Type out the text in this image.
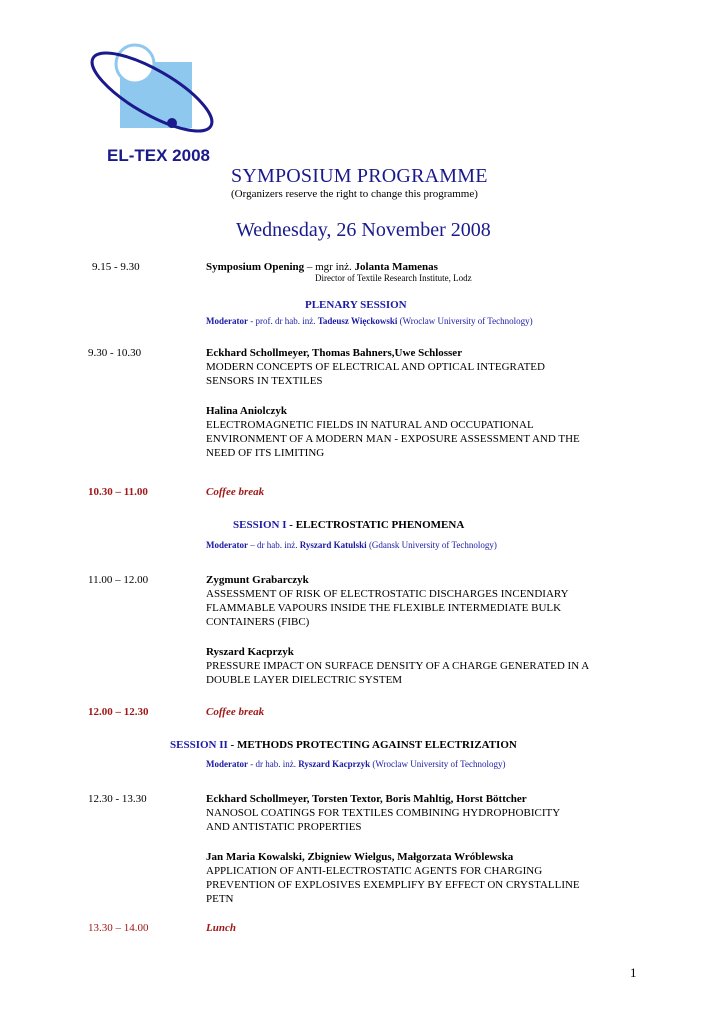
EL-TEX 2008
SYMPOSIUM PROGRAMME
(Organizers reserve the right to change this programme)
Wednesday, 26 November 2008
9.15 - 9.30	Symposium Opening – mgr inż. Jolanta Mamenas
Director of Textile Research Institute, Lodz
PLENARY SESSION
Moderator - prof. dr hab. inż. Tadeusz Więckowski (Wroclaw University of Technology)
9.30 - 10.30	Eckhard Schollmeyer, Thomas Bahners,Uwe Schlosser
MODERN CONCEPTS OF ELECTRICAL AND OPTICAL INTEGRATED
SENSORS IN TEXTILES
Halina Aniolczyk
ELECTROMAGNETIC FIELDS IN NATURAL AND OCCUPATIONAL
ENVIRONMENT OF A MODERN MAN - EXPOSURE ASSESSMENT AND THE
NEED OF ITS LIMITING
10.30 – 11.00	Coffee break
SESSION I - ELECTROSTATIC PHENOMENA
Moderator – dr hab. inż. Ryszard Katulski (Gdansk University of Technology)
11.00 – 12.00	Zygmunt Grabarczyk
ASSESSMENT OF RISK OF ELECTROSTATIC DISCHARGES INCENDIARY
FLAMMABLE VAPOURS INSIDE THE FLEXIBLE INTERMEDIATE BULK
CONTAINERS (FIBC)
Ryszard Kacprzyk
PRESSURE IMPACT ON SURFACE DENSITY OF A CHARGE GENERATED IN A
DOUBLE LAYER DIELECTRIC SYSTEM
12.00 – 12.30	Coffee break
SESSION II - METHODS PROTECTING AGAINST ELECTRIZATION
Moderator - dr hab. inż. Ryszard Kacprzyk (Wroclaw University of Technology)
12.30 - 13.30	Eckhard Schollmeyer, Torsten Textor, Boris Mahltig, Horst Böttcher
NANOSOL COATINGS FOR TEXTILES COMBINING HYDROPHOBICITY
AND ANTISTATIC PROPERTIES
Jan Maria Kowalski, Zbigniew Wielgus, Małgorzata Wróblewska
APPLICATION OF ANTI-ELECTROSTATIC AGENTS FOR CHARGING
PREVENTION OF EXPLOSIVES EXEMPLIFY BY EFFECT ON CRYSTALLINE
PETN
13.30 – 14.00	Lunch
1
